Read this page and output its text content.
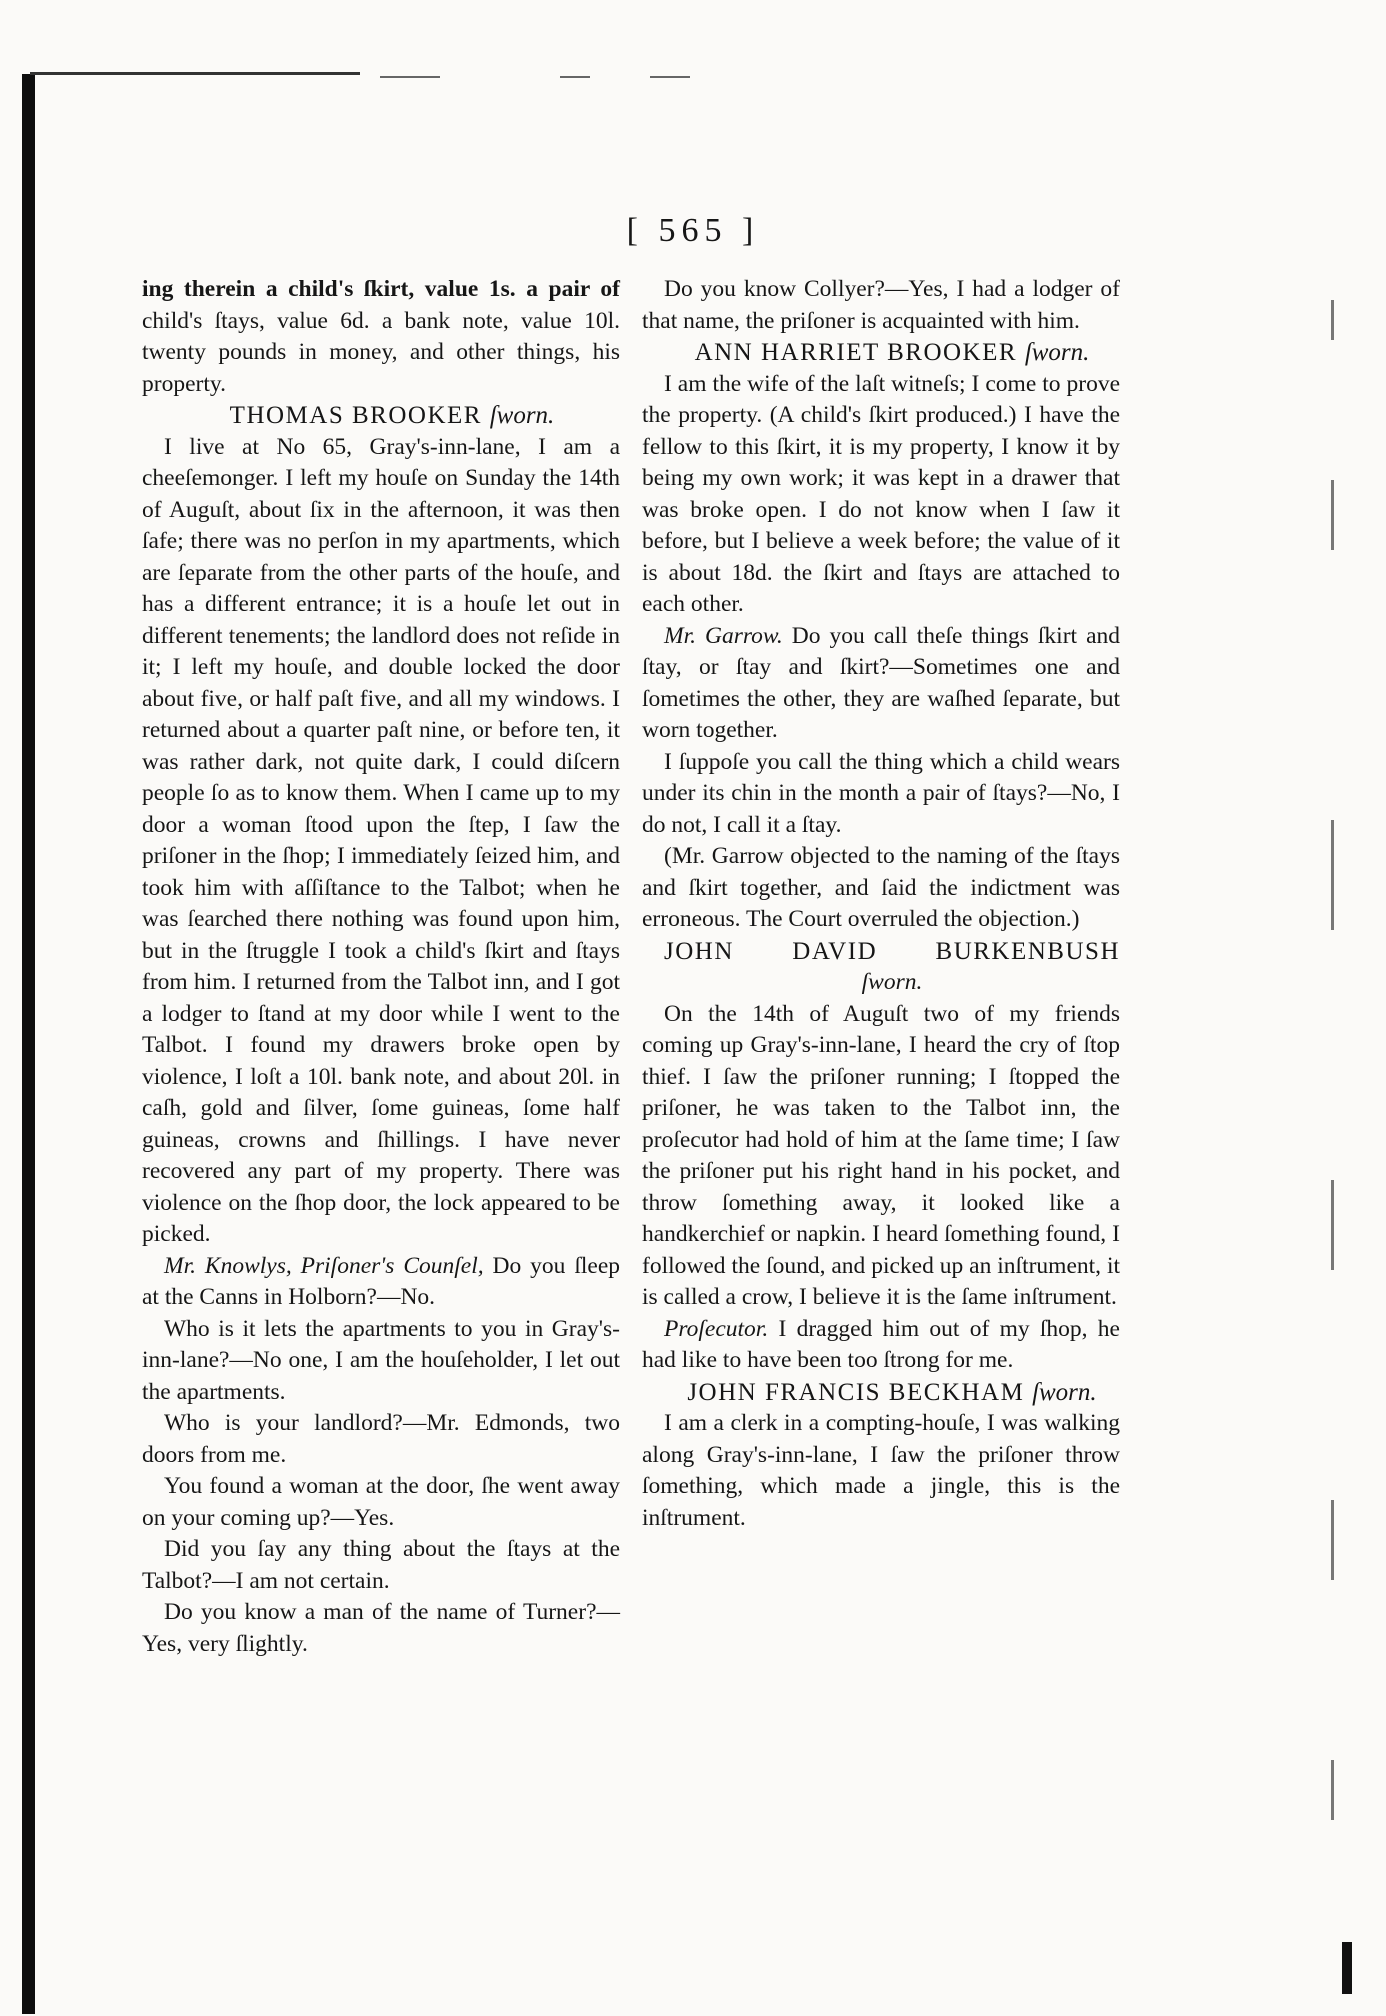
[ 565 ]

ing therein a child's ſkirt, value 1s. a pair of child's ſtays, value 6d. a bank note, value 10l. twenty pounds in money, and other things, his property.

THOMAS BROOKER ſworn.

I live at No 65, Gray's-inn-lane, I am a cheeſemonger. I left my houſe on Sunday the 14th of Auguſt, about ſix in the afternoon, it was then ſafe; there was no perſon in my apartments, which are ſeparate from the other parts of the houſe, and has a different entrance; it is a houſe let out in different tenements; the landlord does not reſide in it; I left my houſe, and double locked the door about five, or half paſt five, and all my windows. I returned about a quarter paſt nine, or before ten, it was rather dark, not quite dark, I could diſcern people ſo as to know them. When I came up to my door a woman ſtood upon the ſtep, I ſaw the priſoner in the ſhop; I immediately ſeized him, and took him with aſſiſtance to the Talbot; when he was ſearched there nothing was found upon him, but in the ſtruggle I took a child's ſkirt and ſtays from him. I returned from the Talbot inn, and I got a lodger to ſtand at my door while I went to the Talbot. I found my drawers broke open by violence, I loſt a 10l. bank note, and about 20l. in caſh, gold and ſilver, ſome guineas, ſome half guineas, crowns and ſhillings. I have never recovered any part of my property. There was violence on the ſhop door, the lock appeared to be picked.

Mr. Knowlys, Priſoner's Counſel, Do you ſleep at the Canns in Holborn?—No.

Who is it lets the apartments to you in Gray's-inn-lane?—No one, I am the houſeholder, I let out the apartments.

Who is your landlord?—Mr. Edmonds, two doors from me.

You found a woman at the door, ſhe went away on your coming up?—Yes.

Did you ſay any thing about the ſtays at the Talbot?—I am not certain.

Do you know a man of the name of Turner?—Yes, very ſlightly.

Do you know Collyer?—Yes, I had a lodger of that name, the priſoner is acquainted with him.

ANN HARRIET BROOKER ſworn.

I am the wife of the laſt witneſs; I come to prove the property. (A child's ſkirt produced.) I have the fellow to this ſkirt, it is my property, I know it by being my own work; it was kept in a drawer that was broke open. I do not know when I ſaw it before, but I believe a week before; the value of it is about 18d. the ſkirt and ſtays are attached to each other.

Mr. Garrow. Do you call theſe things ſkirt and ſtay, or ſtay and ſkirt?—Sometimes one and ſometimes the other, they are waſhed ſeparate, but worn together.

I ſuppoſe you call the thing which a child wears under its chin in the month a pair of ſtays?—No, I do not, I call it a ſtay.

(Mr. Garrow objected to the naming of the ſtays and ſkirt together, and ſaid the indictment was erroneous. The Court overruled the objection.)

JOHN DAVID BURKENBUSH

ſworn.

On the 14th of Auguſt two of my friends coming up Gray's-inn-lane, I heard the cry of ſtop thief. I ſaw the priſoner running; I ſtopped the priſoner, he was taken to the Talbot inn, the proſecutor had hold of him at the ſame time; I ſaw the priſoner put his right hand in his pocket, and throw ſomething away, it looked like a handkerchief or napkin. I heard ſomething found, I followed the ſound, and picked up an inſtrument, it is called a crow, I believe it is the ſame inſtrument.

Proſecutor. I dragged him out of my ſhop, he had like to have been too ſtrong for me.

JOHN FRANCIS BECKHAM ſworn.

I am a clerk in a compting-houſe, I was walking along Gray's-inn-lane, I ſaw the priſoner throw ſomething, which made a jingle, this is the inſtrument.
